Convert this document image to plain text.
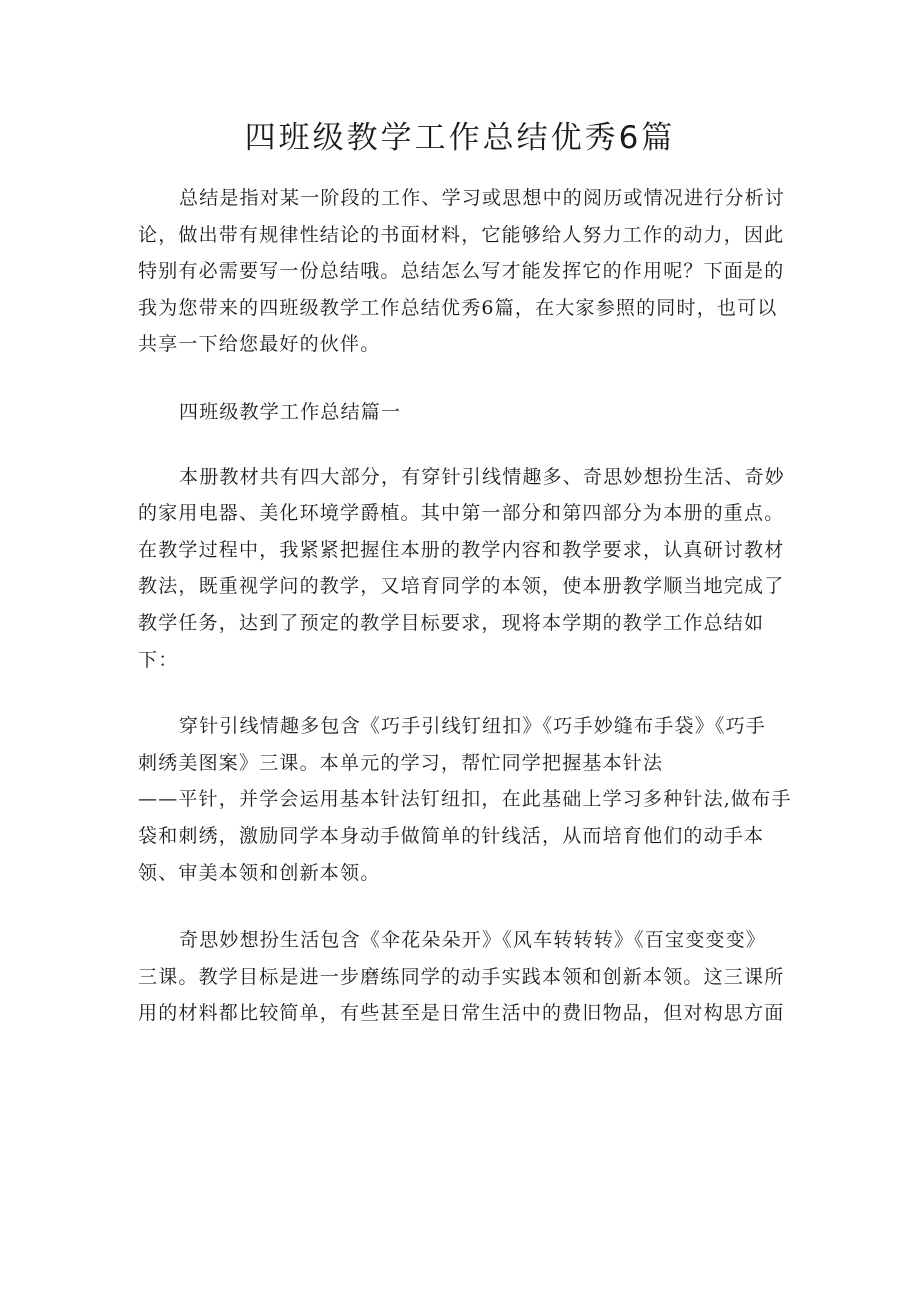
四班级教学工作总结优秀6篇

总结是指对某一阶段的工作、学习或思想中的阅历或情况进行分析讨
论，做出带有规律性结论的书面材料，它能够给人努力工作的动力，因此
特别有必需要写一份总结哦。总结怎么写才能发挥它的作用呢？下面是的
我为您带来的四班级教学工作总结优秀6篇，在大家参照的同时，也可以
共享一下给您最好的伙伴。

四班级教学工作总结篇一

本册教材共有四大部分，有穿针引线情趣多、奇思妙想扮生活、奇妙
的家用电器、美化环境学爵植。其中第一部分和第四部分为本册的重点。
在教学过程中，我紧紧把握住本册的教学内容和教学要求，认真研讨教材
教法，既重视学问的教学，又培育同学的本领，使本册教学顺当地完成了
教学任务，达到了预定的教学目标要求，现将本学期的教学工作总结如
下：

穿针引线情趣多包含《巧手引线钉纽扣》《巧手妙缝布手袋》《巧手
刺绣美图案》三课。本单元的学习，帮忙同学把握基本针法
——平针，并学会运用基本针法钉纽扣，在此基础上学习多种针法,做布手
袋和刺绣，激励同学本身动手做简单的针线活，从而培育他们的动手本
领、审美本领和创新本领。

奇思妙想扮生活包含《伞花朵朵开》《风车转转转》《百宝变变变》
三课。教学目标是进一步磨练同学的动手实践本领和创新本领。这三课所
用的材料都比较简单，有些甚至是日常生活中的费旧物品，但对构思方面
